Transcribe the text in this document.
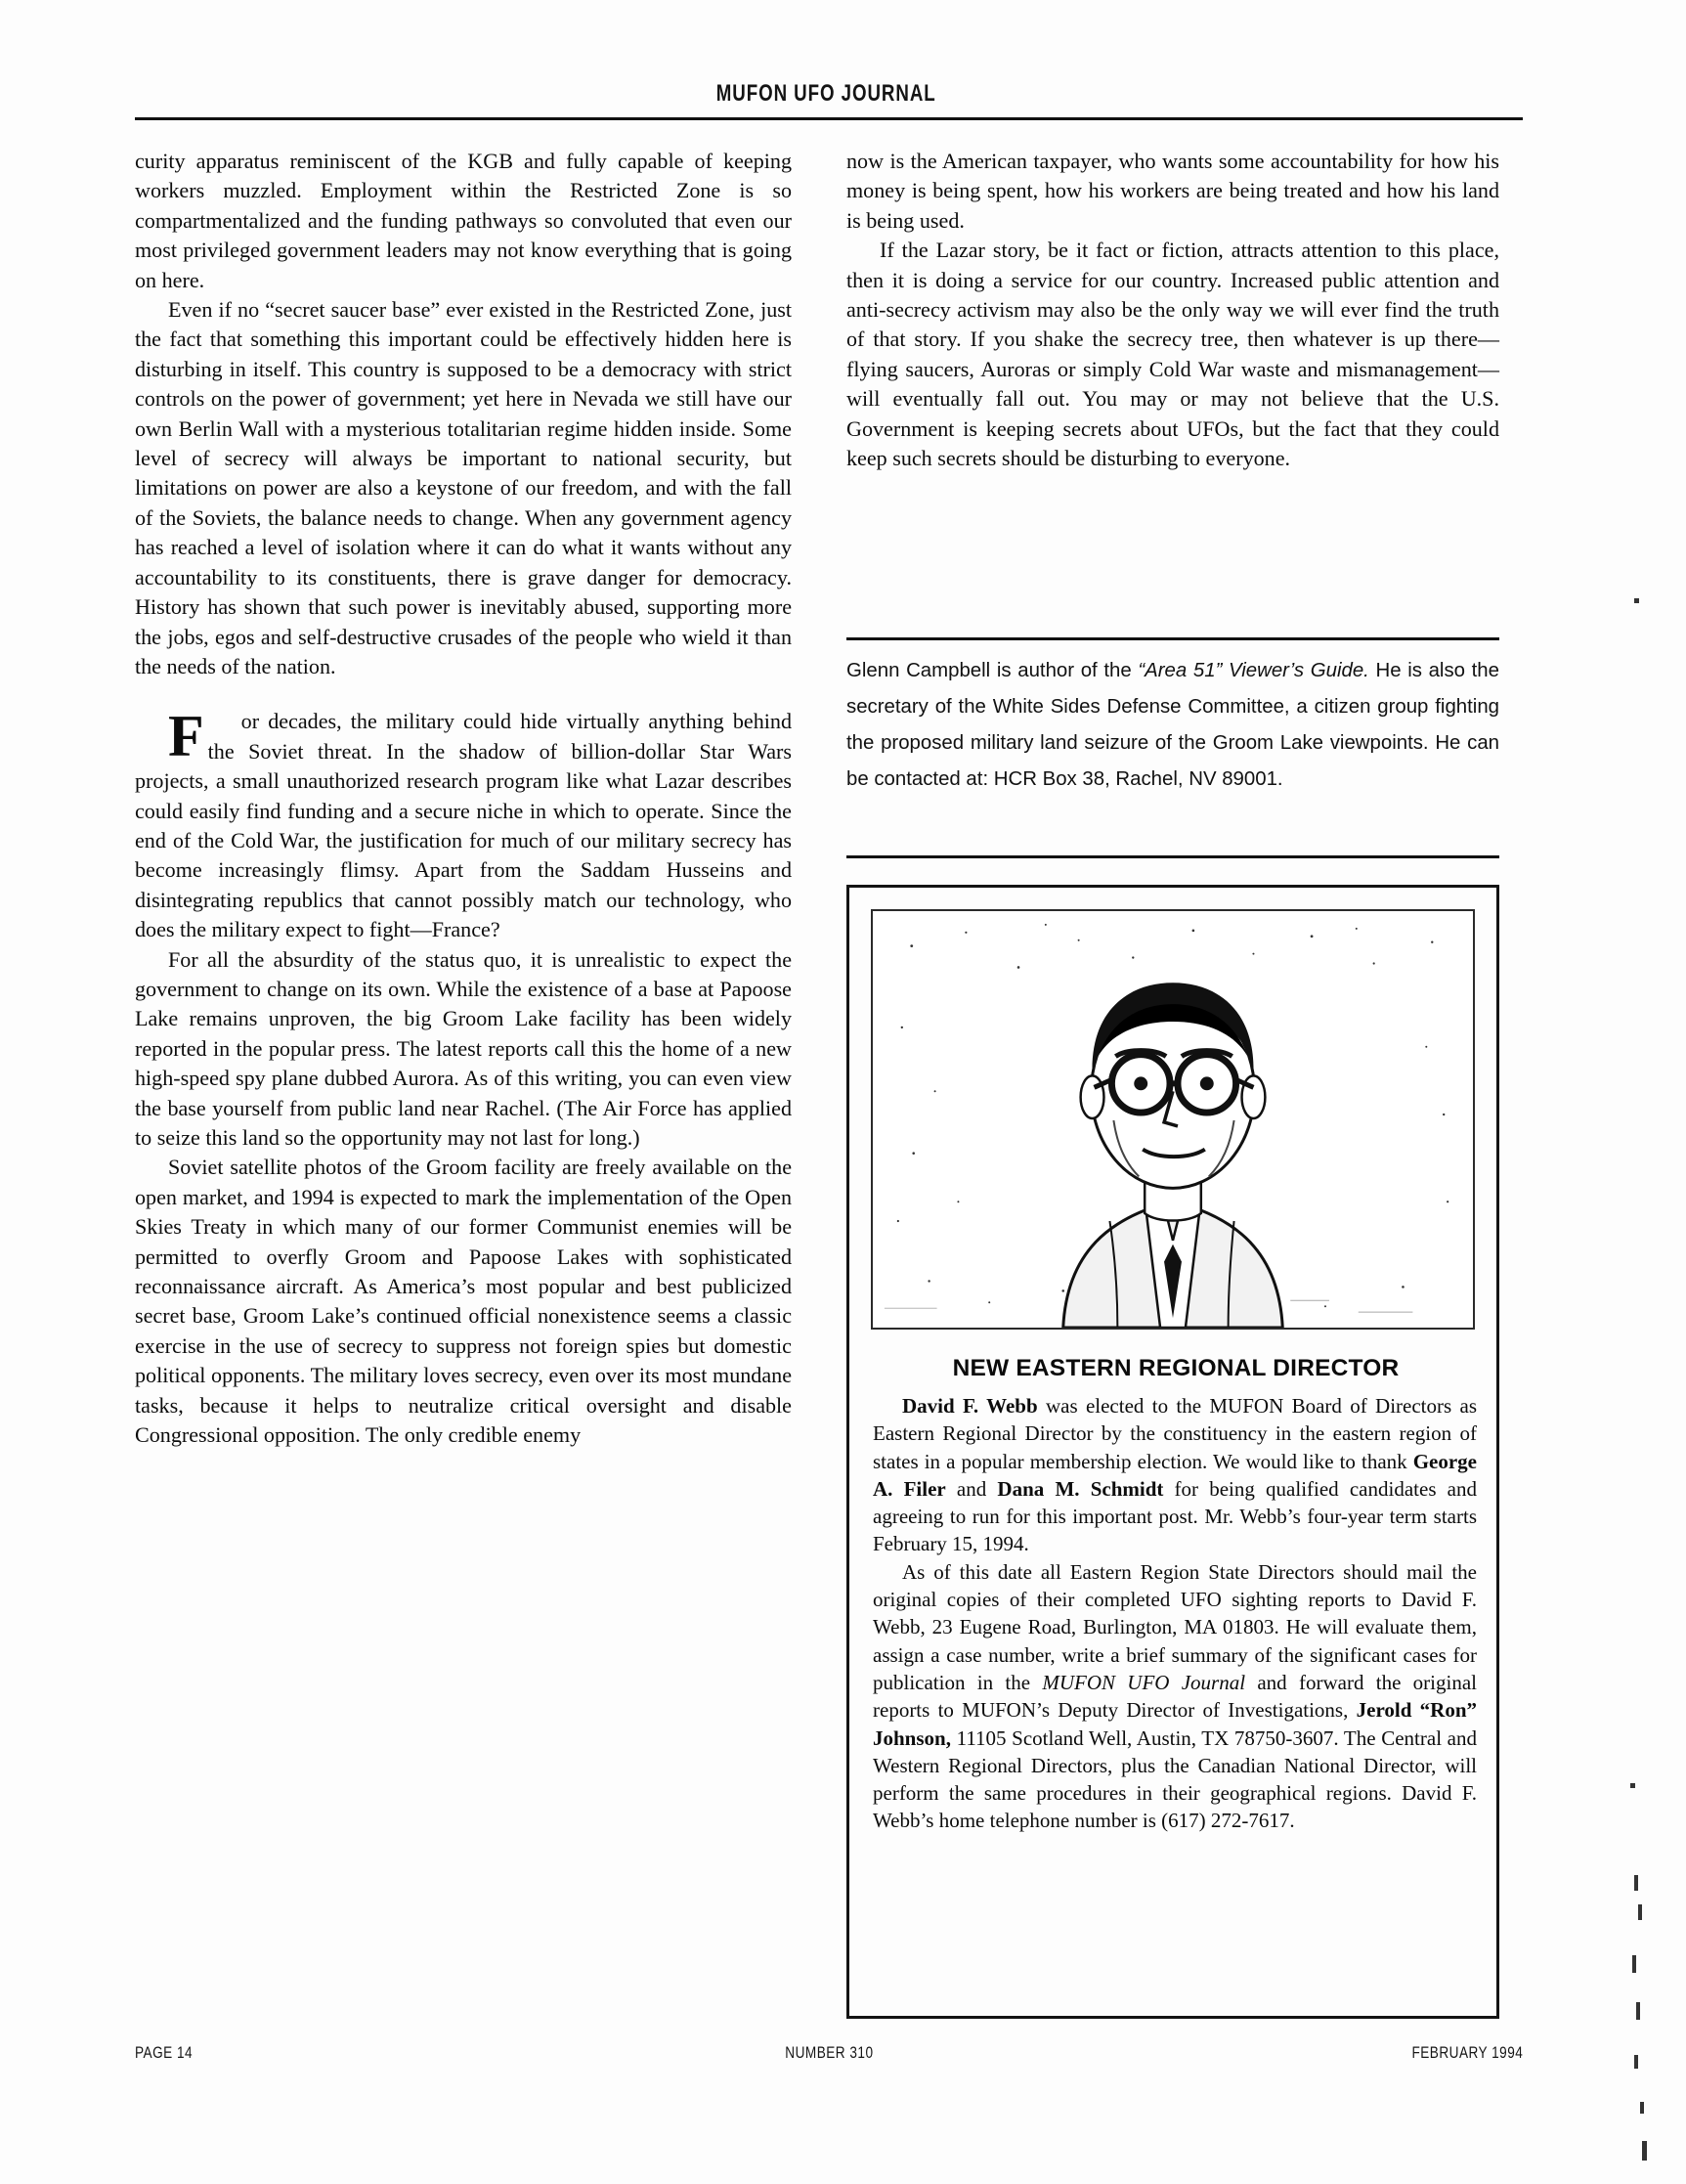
MUFON UFO JOURNAL

curity apparatus reminiscent of the KGB and fully capable of keeping workers muzzled. Employment within the Restricted Zone is so compartmentalized and the funding pathways so convoluted that even our most privileged government leaders may not know everything that is going on here.

Even if no “secret saucer base” ever existed in the Restricted Zone, just the fact that something this important could be effectively hidden here is disturbing in itself. This country is supposed to be a democracy with strict controls on the power of government; yet here in Nevada we still have our own Berlin Wall with a mysterious totalitarian regime hidden inside. Some level of secrecy will always be important to national security, but limitations on power are also a keystone of our freedom, and with the fall of the Soviets, the balance needs to change. When any government agency has reached a level of isolation where it can do what it wants without any accountability to its constituents, there is grave danger for democracy. History has shown that such power is inevitably abused, supporting more the jobs, egos and self-destructive crusades of the people who wield it than the needs of the nation.

F or decades, the military could hide virtually anything behind the Soviet threat. In the shadow of billion-dollar Star Wars projects, a small unauthorized research program like what Lazar describes could easily find funding and a secure niche in which to operate. Since the end of the Cold War, the justification for much of our military secrecy has become increasingly flimsy. Apart from the Saddam Husseins and disintegrating republics that cannot possibly match our technology, who does the military expect to fight—France?

For all the absurdity of the status quo, it is unrealistic to expect the government to change on its own. While the existence of a base at Papoose Lake remains unproven, the big Groom Lake facility has been widely reported in the popular press. The latest reports call this the home of a new high-speed spy plane dubbed Aurora. As of this writing, you can even view the base yourself from public land near Rachel. (The Air Force has applied to seize this land so the opportunity may not last for long.)

Soviet satellite photos of the Groom facility are freely available on the open market, and 1994 is expected to mark the implementation of the Open Skies Treaty in which many of our former Communist enemies will be permitted to overfly Groom and Papoose Lakes with sophisticated reconnaissance aircraft. As America’s most popular and best publicized secret base, Groom Lake’s continued official nonexistence seems a classic exercise in the use of secrecy to suppress not foreign spies but domestic political opponents. The military loves secrecy, even over its most mundane tasks, because it helps to neutralize critical oversight and disable Congressional opposition. The only credible enemy

now is the American taxpayer, who wants some accountability for how his money is being spent, how his workers are being treated and how his land is being used.

If the Lazar story, be it fact or fiction, attracts attention to this place, then it is doing a service for our country. Increased public attention and anti-secrecy activism may also be the only way we will ever find the truth of that story. If you shake the secrecy tree, then whatever is up there—flying saucers, Auroras or simply Cold War waste and mismanagement—will eventually fall out. You may or may not believe that the U.S. Government is keeping secrets about UFOs, but the fact that they could keep such secrets should be disturbing to everyone.

Glenn Campbell is author of the “Area 51” Viewer’s Guide. He is also the secretary of the White Sides Defense Committee, a citizen group fighting the proposed military land seizure of the Groom Lake viewpoints. He can be contacted at: HCR Box 38, Rachel, NV 89001.
NEW EASTERN REGIONAL DIRECTOR

David F. Webb was elected to the MUFON Board of Directors as Eastern Regional Director by the constituency in the eastern region of states in a popular membership election. We would like to thank George A. Filer and Dana M. Schmidt for being qualified candidates and agreeing to run for this important post. Mr. Webb’s four-year term starts February 15, 1994.

As of this date all Eastern Region State Directors should mail the original copies of their completed UFO sighting reports to David F. Webb, 23 Eugene Road, Burlington, MA 01803. He will evaluate them, assign a case number, write a brief summary of the significant cases for publication in the MUFON UFO Journal and forward the original reports to MUFON’s Deputy Director of Investigations, Jerold “Ron” Johnson, 11105 Scotland Well, Austin, TX 78750-3607. The Central and Western Regional Directors, plus the Canadian National Director, will perform the same procedures in their geographical regions. David F. Webb’s home telephone number is (617) 272-7617.

PAGE 14	NUMBER 310	FEBRUARY 1994
